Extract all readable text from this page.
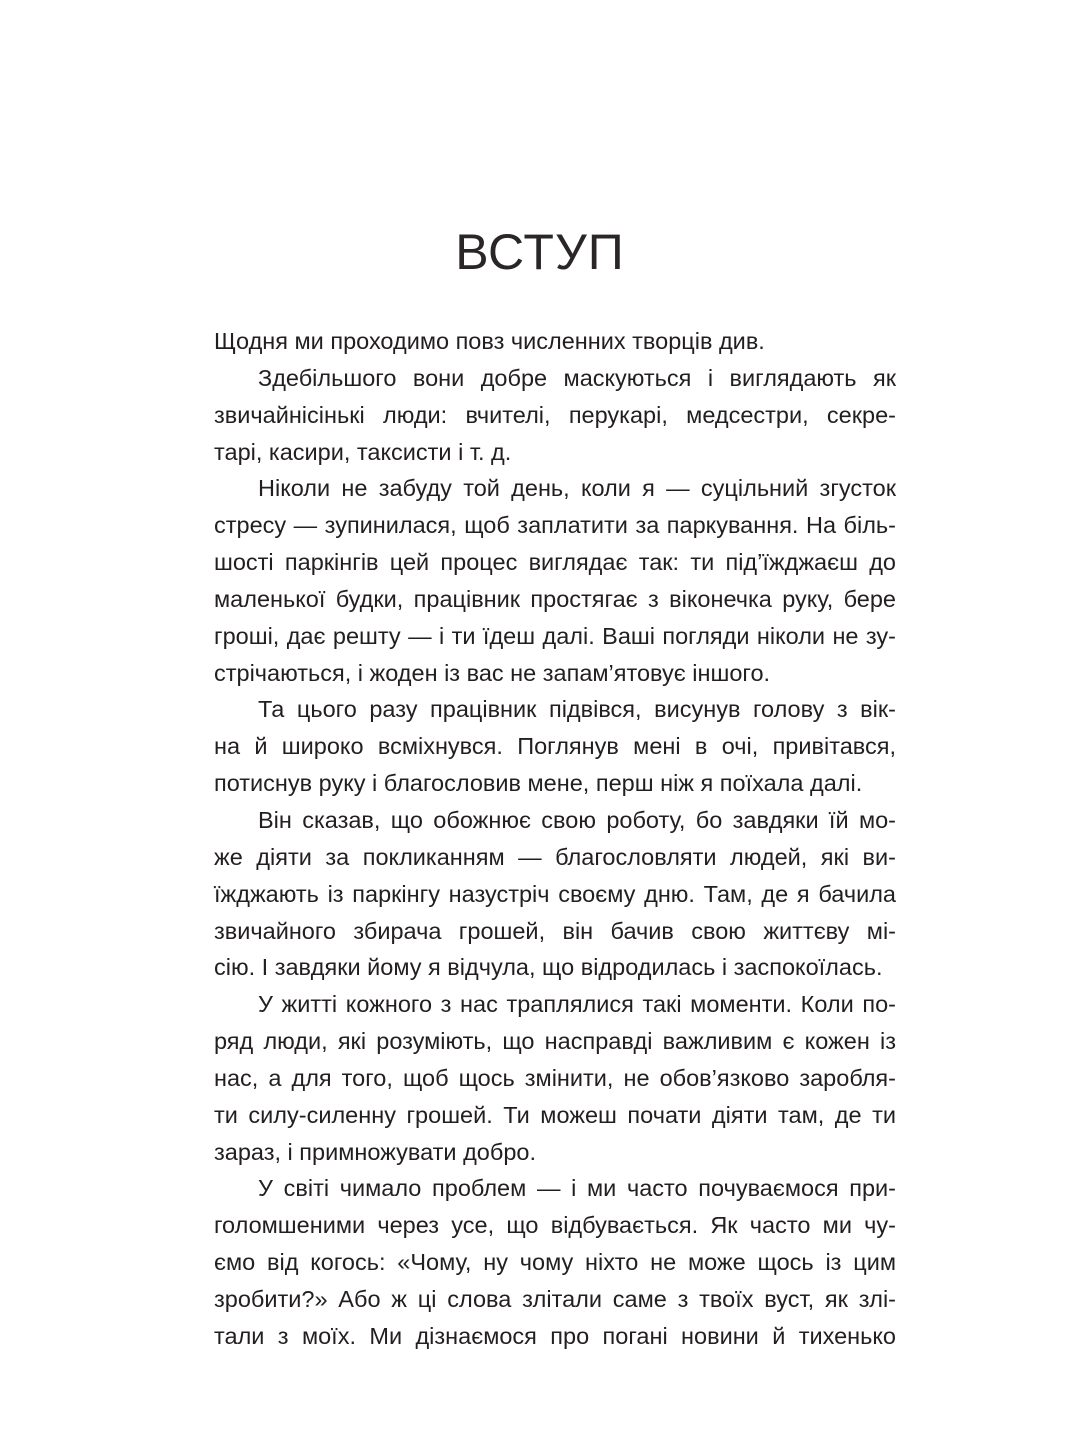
ВСТУП
Щодня ми проходимо повз численних творців див.
Здебільшого вони добре маскуються і виглядають як
звичайнісінькі люди: вчителі, перукарі, медсестри, секре-
тарі, касири, таксисти і т. д.
Ніколи не забуду той день, коли я — суцільний згусток
стресу — зупинилася, щоб заплатити за паркування. На біль-
шості паркінгів цей процес виглядає так: ти під’їжджаєш до
маленької будки, працівник простягає з віконечка руку, бере
гроші, дає решту — і ти їдеш далі. Ваші погляди ніколи не зу-
стрічаються, і жоден із вас не запам’ятовує іншого.
Та цього разу працівник підвівся, висунув голову з вік-
на й широко всміхнувся. Поглянув мені в очі, привітався,
потиснув руку і благословив мене, перш ніж я поїхала далі.
Він сказав, що обожнює свою роботу, бо завдяки їй мо-
же діяти за покликанням — благословляти людей, які ви-
їжджають із паркінгу назустріч своєму дню. Там, де я бачила
звичайного збирача грошей, він бачив свою життєву мі-
сію. І завдяки йому я відчула, що відродилась і заспокоїлась.
У житті кожного з нас траплялися такі моменти. Коли по-
ряд люди, які розуміють, що насправді важливим є кожен із
нас, а для того, щоб щось змінити, не обов’язково заробля-
ти силу-силенну грошей. Ти можеш почати діяти там, де ти
зараз, і примножувати добро.
У світі чимало проблем — і ми часто почуваємося при-
голомшеними через усе, що відбувається. Як часто ми чу-
ємо від когось: «Чому, ну чому ніхто не може щось із цим
зробити?» Або ж ці слова злітали саме з твоїх вуст, як злі-
тали з моїх. Ми дізнаємося про погані новини й тихенько
